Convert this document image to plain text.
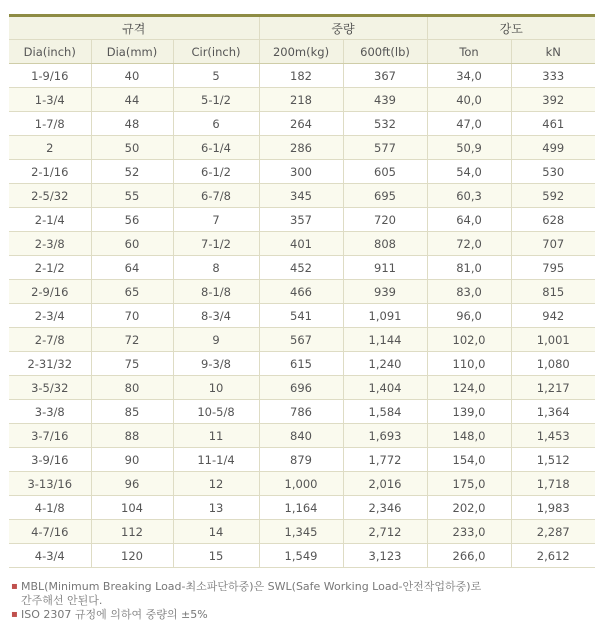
규격			중량		강도	
Dia(inch)	Dia(mm)	Cir(inch)	200m(kg)	600ft(lb)	Ton	kN
1-9/16	40	5	182	367	34,0	333
1-3/4	44	5-1/2	218	439	40,0	392
1-7/8	48	6	264	532	47,0	461
2	50	6-1/4	286	577	50,9	499
2-1/16	52	6-1/2	300	605	54,0	530
2-5/32	55	6-7/8	345	695	60,3	592
2-1/4	56	7	357	720	64,0	628
2-3/8	60	7-1/2	401	808	72,0	707
2-1/2	64	8	452	911	81,0	795
2-9/16	65	8-1/8	466	939	83,0	815
2-3/4	70	8-3/4	541	1,091	96,0	942
2-7/8	72	9	567	1,144	102,0	1,001
2-31/32	75	9-3/8	615	1,240	110,0	1,080
3-5/32	80	10	696	1,404	124,0	1,217
3-3/8	85	10-5/8	786	1,584	139,0	1,364
3-7/16	88	11	840	1,693	148,0	1,453
3-9/16	90	11-1/4	879	1,772	154,0	1,512
3-13/16	96	12	1,000	2,016	175,0	1,718
4-1/8	104	13	1,164	2,346	202,0	1,983
4-7/16	112	14	1,345	2,712	233,0	2,287
4-3/4	120	15	1,549	3,123	266,0	2,612
▪ MBL(Minimum Breaking Load-최소파단하중)은 SWL(Safe Working Load-안전작업하중)로
간주해선 안된다.
▪ ISO 2307 규정에 의하여 중량의 ±5%
